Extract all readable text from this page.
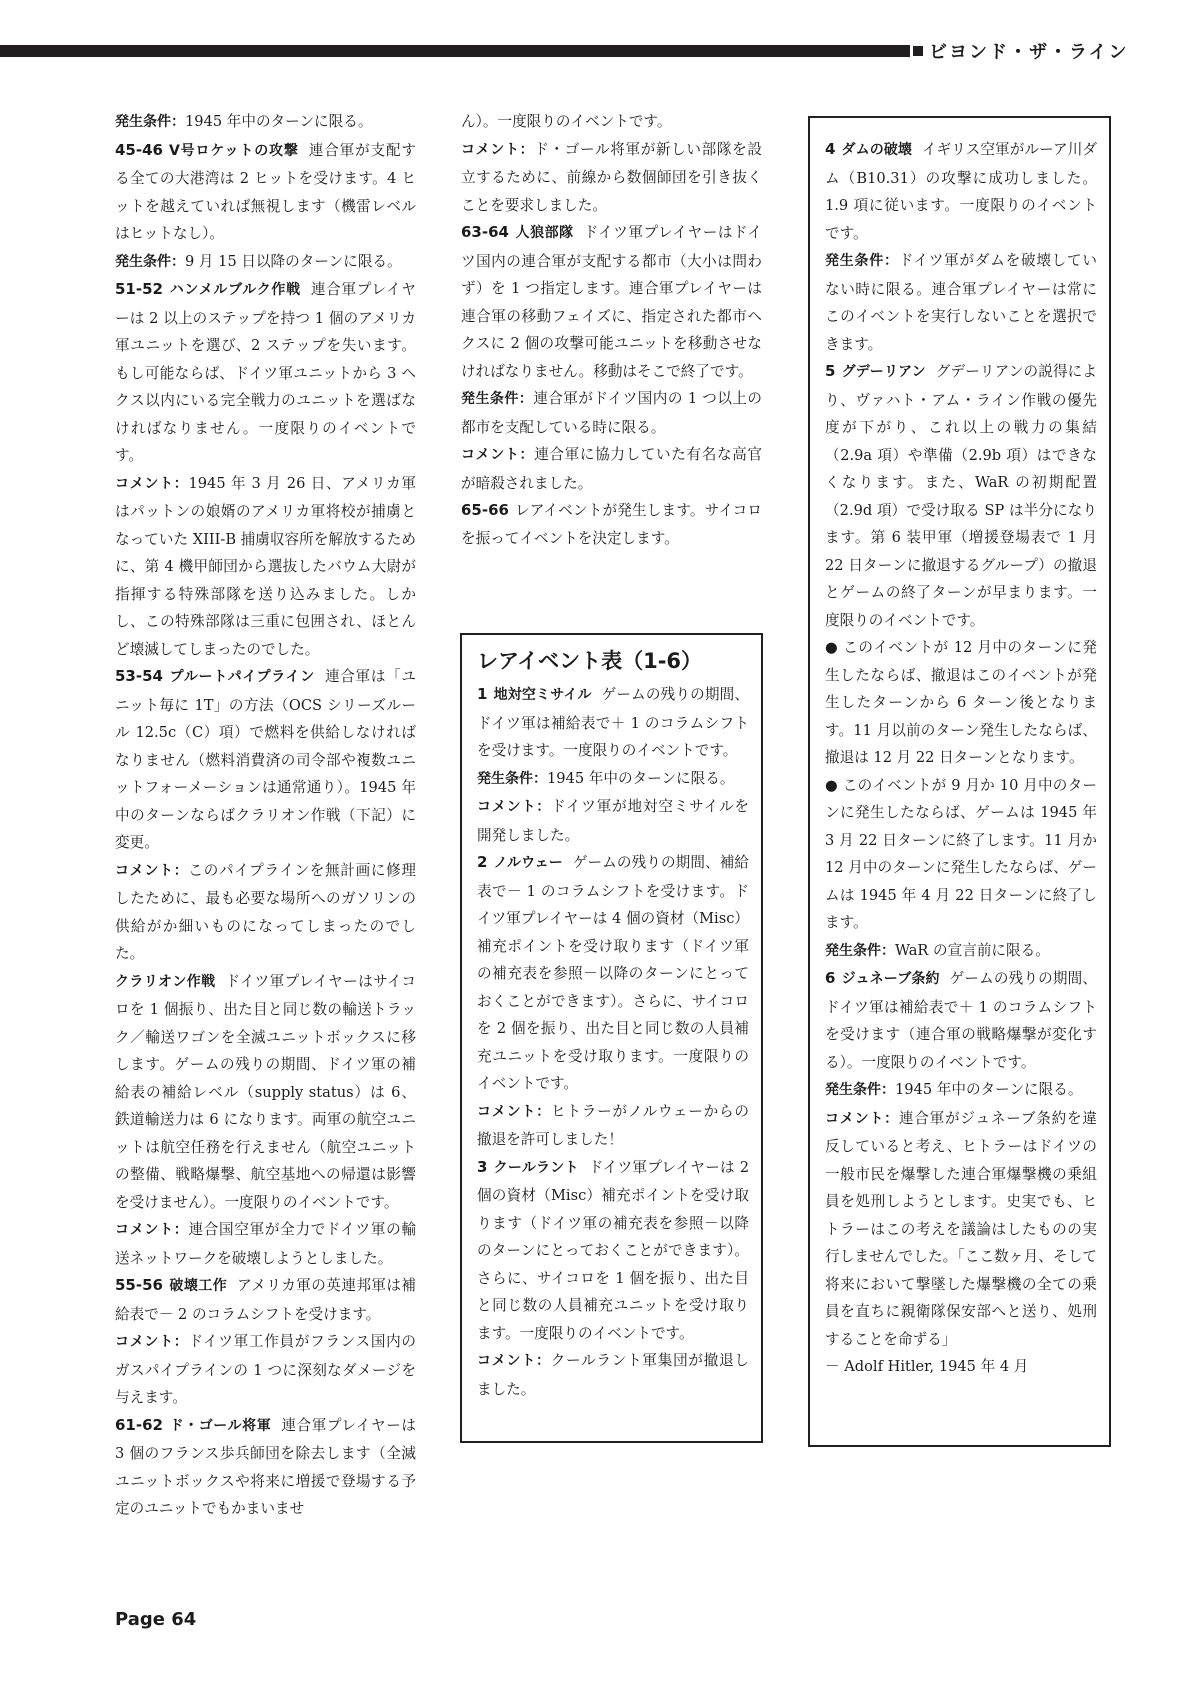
ビヨンド・ザ・ライン

発生条件：1945 年中のターンに限る。

45-46 V号ロケットの攻撃 連合軍が支配する全ての大港湾は 2 ヒットを受けます。4 ヒットを越えていれば無視します（機雷レベルはヒットなし）。

発生条件：9 月 15 日以降のターンに限る。

51-52 ハンメルブルク作戦 連合軍プレイヤーは 2 以上のステップを持つ 1 個のアメリカ軍ユニットを選び、2 ステップを失います。もし可能ならば、ドイツ軍ユニットから 3 ヘクス以内にいる完全戦力のユニットを選ばなければなりません。一度限りのイベントです。

コメント：1945 年 3 月 26 日、アメリカ軍はパットンの娘婿のアメリカ軍将校が捕虜となっていた XIII-B 捕虜収容所を解放するために、第 4 機甲師団から選抜したバウム大尉が指揮する特殊部隊を送り込みました。しかし、この特殊部隊は三重に包囲され、ほとんど壊滅してしまったのでした。

53-54 プルートパイプライン 連合軍は「ユニット毎に 1T」の方法（OCS シリーズルール 12.5c（C）項）で燃料を供給しなければなりません（燃料消費済の司令部や複数ユニットフォーメーションは通常通り）。1945 年中のターンならばクラリオン作戦（下記）に変更。

コメント：このパイプラインを無計画に修理したために、最も必要な場所へのガソリンの供給がか細いものになってしまったのでした。

クラリオン作戦 ドイツ軍プレイヤーはサイコロを 1 個振り、出た目と同じ数の輸送トラック／輸送ワゴンを全滅ユニットボックスに移します。ゲームの残りの期間、ドイツ軍の補給表の補給レベル（supply status）は 6、鉄道輸送力は 6 になります。両軍の航空ユニットは航空任務を行えません（航空ユニットの整備、戦略爆撃、航空基地への帰還は影響を受けません）。一度限りのイベントです。

コメント：連合国空軍が全力でドイツ軍の輸送ネットワークを破壊しようとしました。

55-56 破壊工作 アメリカ軍の英連邦軍は補給表で－ 2 のコラムシフトを受けます。

コメント：ドイツ軍工作員がフランス国内のガスパイプラインの 1 つに深刻なダメージを与えます。

61-62 ド・ゴール将軍 連合軍プレイヤーは 3 個のフランス歩兵師団を除去します（全滅ユニットボックスや将来に増援で登場する予定のユニットでもかまいませ

ん）。一度限りのイベントです。

コメント：ド・ゴール将軍が新しい部隊を設立するために、前線から数個師団を引き抜くことを要求しました。

63-64 人狼部隊 ドイツ軍プレイヤーはドイツ国内の連合軍が支配する都市（大小は問わず）を 1 つ指定します。連合軍プレイヤーは連合軍の移動フェイズに、指定された都市ヘクスに 2 個の攻撃可能ユニットを移動させなければなりません。移動はそこで終了です。

発生条件：連合軍がドイツ国内の 1 つ以上の都市を支配している時に限る。

コメント：連合軍に協力していた有名な高官が暗殺されました。

65-66 レアイベントが発生します。サイコロを振ってイベントを決定します。

レアイベント表（1-6）

1 地対空ミサイル ゲームの残りの期間、ドイツ軍は補給表で＋ 1 のコラムシフトを受けます。一度限りのイベントです。

発生条件：1945 年中のターンに限る。

コメント：ドイツ軍が地対空ミサイルを開発しました。

2 ノルウェー ゲームの残りの期間、補給表で－ 1 のコラムシフトを受けます。ドイツ軍プレイヤーは 4 個の資材（Misc）補充ポイントを受け取ります（ドイツ軍の補充表を参照－以降のターンにとっておくことができます）。さらに、サイコロを 2 個を振り、出た目と同じ数の人員補充ユニットを受け取ります。一度限りのイベントです。

コメント：ヒトラーがノルウェーからの撤退を許可しました！

3 クールラント ドイツ軍プレイヤーは 2 個の資材（Misc）補充ポイントを受け取ります（ドイツ軍の補充表を参照－以降のターンにとっておくことができます）。さらに、サイコロを 1 個を振り、出た目と同じ数の人員補充ユニットを受け取ります。一度限りのイベントです。

コメント：クールラント軍集団が撤退しました。

4 ダムの破壊 イギリス空軍がルーア川ダム（B10.31）の攻撃に成功しました。1.9 項に従います。一度限りのイベントです。

発生条件：ドイツ軍がダムを破壊していない時に限る。連合軍プレイヤーは常にこのイベントを実行しないことを選択できます。

5 グデーリアン グデーリアンの説得により、ヴァハト・アム・ライン作戦の優先度が下がり、これ以上の戦力の集結（2.9a 項）や準備（2.9b 項）はできなくなります。また、WaR の初期配置（2.9d 項）で受け取る SP は半分になります。第 6 装甲軍（増援登場表で 1 月 22 日ターンに撤退するグループ）の撤退とゲームの終了ターンが早まります。一度限りのイベントです。

● このイベントが 12 月中のターンに発生したならば、撤退はこのイベントが発生したターンから 6 ターン後となります。11 月以前のターン発生したならば、撤退は 12 月 22 日ターンとなります。

● このイベントが 9 月か 10 月中のターンに発生したならば、ゲームは 1945 年 3 月 22 日ターンに終了します。11 月か 12 月中のターンに発生したならば、ゲームは 1945 年 4 月 22 日ターンに終了します。

発生条件：WaR の宣言前に限る。

6 ジュネーブ条約 ゲームの残りの期間、ドイツ軍は補給表で＋ 1 のコラムシフトを受けます（連合軍の戦略爆撃が変化する）。一度限りのイベントです。

発生条件：1945 年中のターンに限る。

コメント：連合軍がジュネーブ条約を違反していると考え、ヒトラーはドイツの一般市民を爆撃した連合軍爆撃機の乗組員を処刑しようとします。史実でも、ヒトラーはこの考えを議論はしたものの実行しませんでした。「ここ数ヶ月、そして将来において撃墜した爆撃機の全ての乗員を直ちに親衛隊保安部へと送り、処刑することを命ずる」

－ Adolf Hitler, 1945 年 4 月

Page 64
